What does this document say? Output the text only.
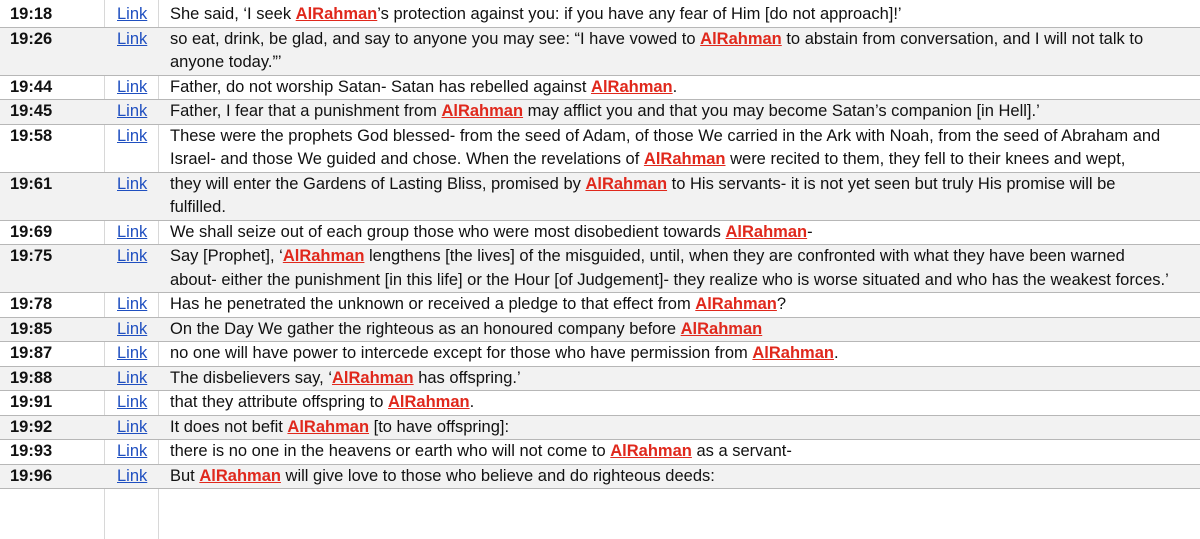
19:18	Link	She said, ‘I seek AlRahman’s protection against you: if you have any fear of Him [do not approach]!’
19:26	Link	so eat, drink, be glad, and say to anyone you may see: “I have vowed to AlRahman to abstain from conversation, and I will not talk to anyone today.”’
19:44	Link	Father, do not worship Satan- Satan has rebelled against AlRahman.
19:45	Link	Father, I fear that a punishment from AlRahman may afflict you and that you may become Satan’s companion [in Hell].’
19:58	Link	These were the prophets God blessed- from the seed of Adam, of those We carried in the Ark with Noah, from the seed of Abraham and Israel- and those We guided and chose. When the revelations of AlRahman were recited to them, they fell to their knees and wept,
19:61	Link	they will enter the Gardens of Lasting Bliss, promised by AlRahman to His servants- it is not yet seen but truly His promise will be fulfilled.
19:69	Link	We shall seize out of each group those who were most disobedient towards AlRahman-
19:75	Link	Say [Prophet], ‘AlRahman lengthens [the lives] of the misguided, until, when they are confronted with what they have been warned about- either the punishment [in this life] or the Hour [of Judgement]- they realize who is worse situated and who has the weakest forces.’
19:78	Link	Has he penetrated the unknown or received a pledge to that effect from AlRahman?
19:85	Link	On the Day We gather the righteous as an honoured company before AlRahman
19:87	Link	no one will have power to intercede except for those who have permission from AlRahman.
19:88	Link	The disbelievers say, ‘AlRahman has offspring.’
19:91	Link	that they attribute offspring to AlRahman.
19:92	Link	It does not befit AlRahman [to have offspring]:
19:93	Link	there is no one in the heavens or earth who will not come to AlRahman as a servant-
19:96	Link	But AlRahman will give love to those who believe and do righteous deeds:
